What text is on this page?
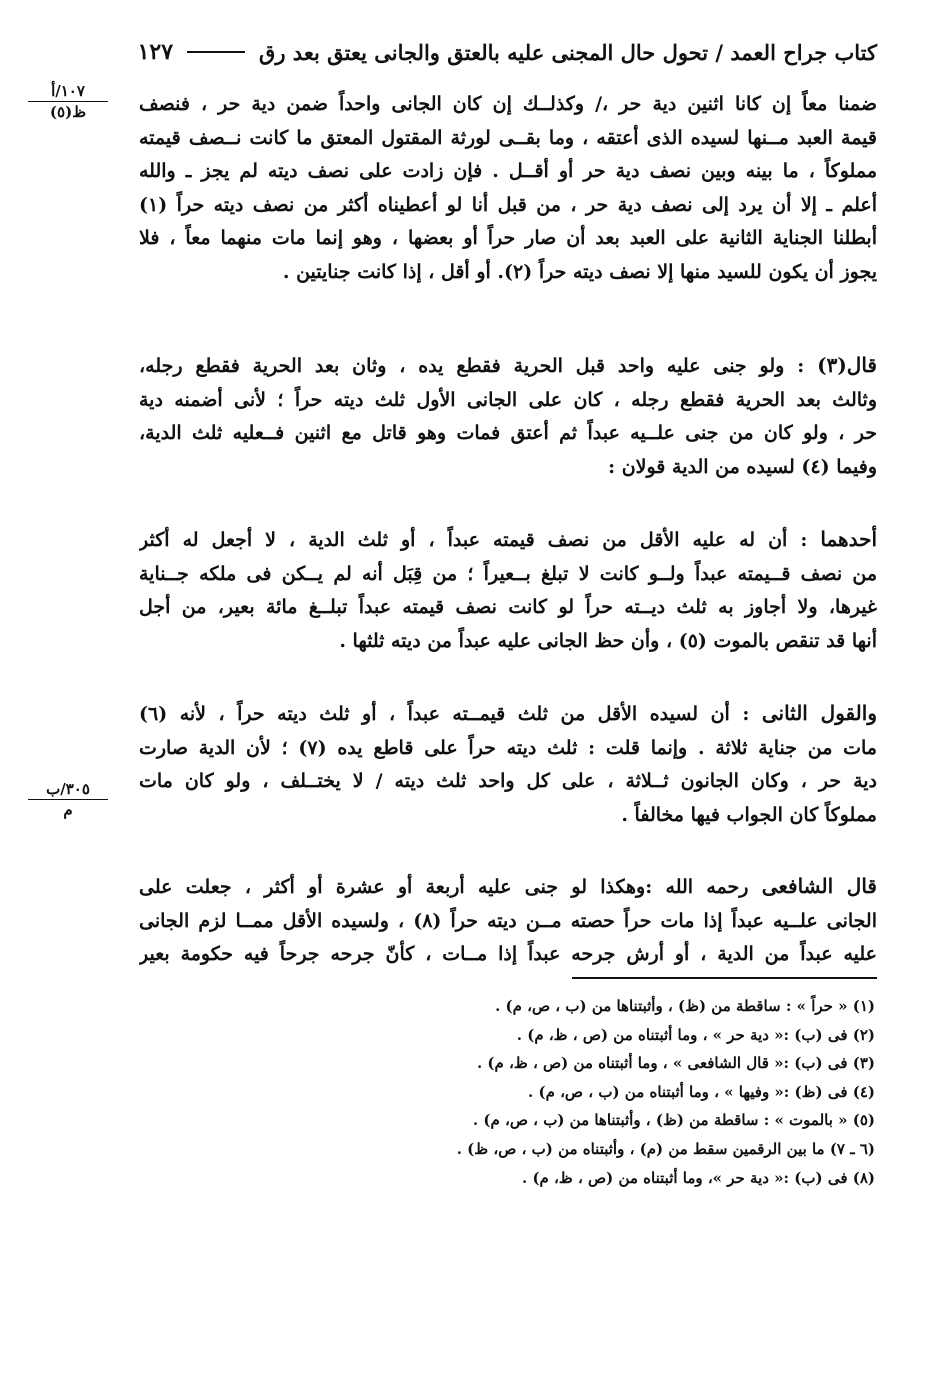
كتاب جراح العمد / تحول حال المجنى عليه بالعتق والجانى يعتق بعد رق
١٢٧
١٠٧/أ
ظ(٥)
٣٠٥/ب
م
ضمنا معاً إن كانا اثنين دية حر ،/ وكذلــك إن كان الجانى واحداً ضمن دية حر ، فنصف
قيمة العبد مــنها لسيده الذى أعتقه ، وما بقــى لورثة المقتول المعتق ما كانت نــصف قيمته
مملوكاً ، ما بينه وبين نصف دية حر أو أقــل . فإن زادت على نصف ديته لم يجز ـ والله
أعلم ـ إلا أن يرد إلى نصف دية حر ، من قبل أنا لو أعطيناه أكثر من نصف ديته حراً (١)
أبطلنا الجناية الثانية على العبد بعد أن صار حراً أو بعضها ، وهو إنما مات منهما معاً ، فلا
يجوز أن يكون للسيد منها إلا نصف ديته حراً (٢). أو أقل ، إذا كانت جنايتين .
قال(٣) : ولو جنى عليه واحد قبل الحرية فقطع يده ، وثان بعد الحرية فقطع رجله،
وثالث بعد الحرية فقطع رجله ، كان على الجانى الأول ثلث ديته حراً ؛ لأنى أضمنه دية
حر ، ولو كان من جنى علــيه عبداً ثم أعتق فمات وهو قاتل مع اثنين فــعليه ثلث الدية،
وفيما (٤) لسيده من الدية قولان :
أحدهما : أن له عليه الأقل من نصف قيمته عبداً ، أو ثلث الدية ، لا أجعل له أكثر
من نصف قــيمته عبداً ولــو كانت لا تبلغ بــعيراً ؛ من قِبَل أنه لم يــكن فى ملكه جــناية
غيرها، ولا أجاوز به ثلث ديــته حراً لو كانت نصف قيمته عبداً تبلــغ مائة بعير، من أجل
أنها قد تنقص بالموت (٥) ، وأن حظ الجانى عليه عبداً من ديته ثلثها .
والقول الثانى : أن لسيده الأقل من ثلث قيمــته عبداً ، أو ثلث ديته حراً ، لأنه (٦)
مات من جناية ثلاثة . وإنما قلت : ثلث ديته حراً على قاطع يده (٧) ؛ لأن الدية صارت
دية حر ، وكان الجانون ثــلاثة ، على كل واحد ثلث ديته / لا يختــلف ، ولو كان مات
مملوكاً كان الجواب فيها مخالفاً .
قال الشافعى رحمه الله :وهكذا لو جنى عليه أربعة أو عشرة أو أكثر ، جعلت على
الجانى علــيه عبداً إذا مات حراً حصته مــن ديته حراً (٨) ، ولسيده الأقل ممــا لزم الجانى
عليه عبداً من الدية ، أو أرش جرحه عبداً إذا مــات ، كأنّ جرحه جرحاً فيه حكومة بعير
(١) « حراً » : ساقطة من (ظ) ، وأثبتناها من (ب ، ص، م) .
(٢) فى (ب) :« دية حر » ، وما أثبتناه من (ص ، ظ، م) .
(٣) فى (ب) :« قال الشافعى » ، وما أثبتناه من (ص ، ظ، م) .
(٤) فى (ظ) :« وفيها » ، وما أثبتناه من (ب ، ص، م) .
(٥) « بالموت » : ساقطة من (ظ) ، وأثبتناها من (ب ، ص، م) .
(٦ ـ ٧) ما بين الرقمين سقط من (م) ، وأثبتناه من (ب ، ص، ظ) .
(٨) فى (ب) :« دية حر »، وما أثبتناه من (ص ، ظ، م) .
